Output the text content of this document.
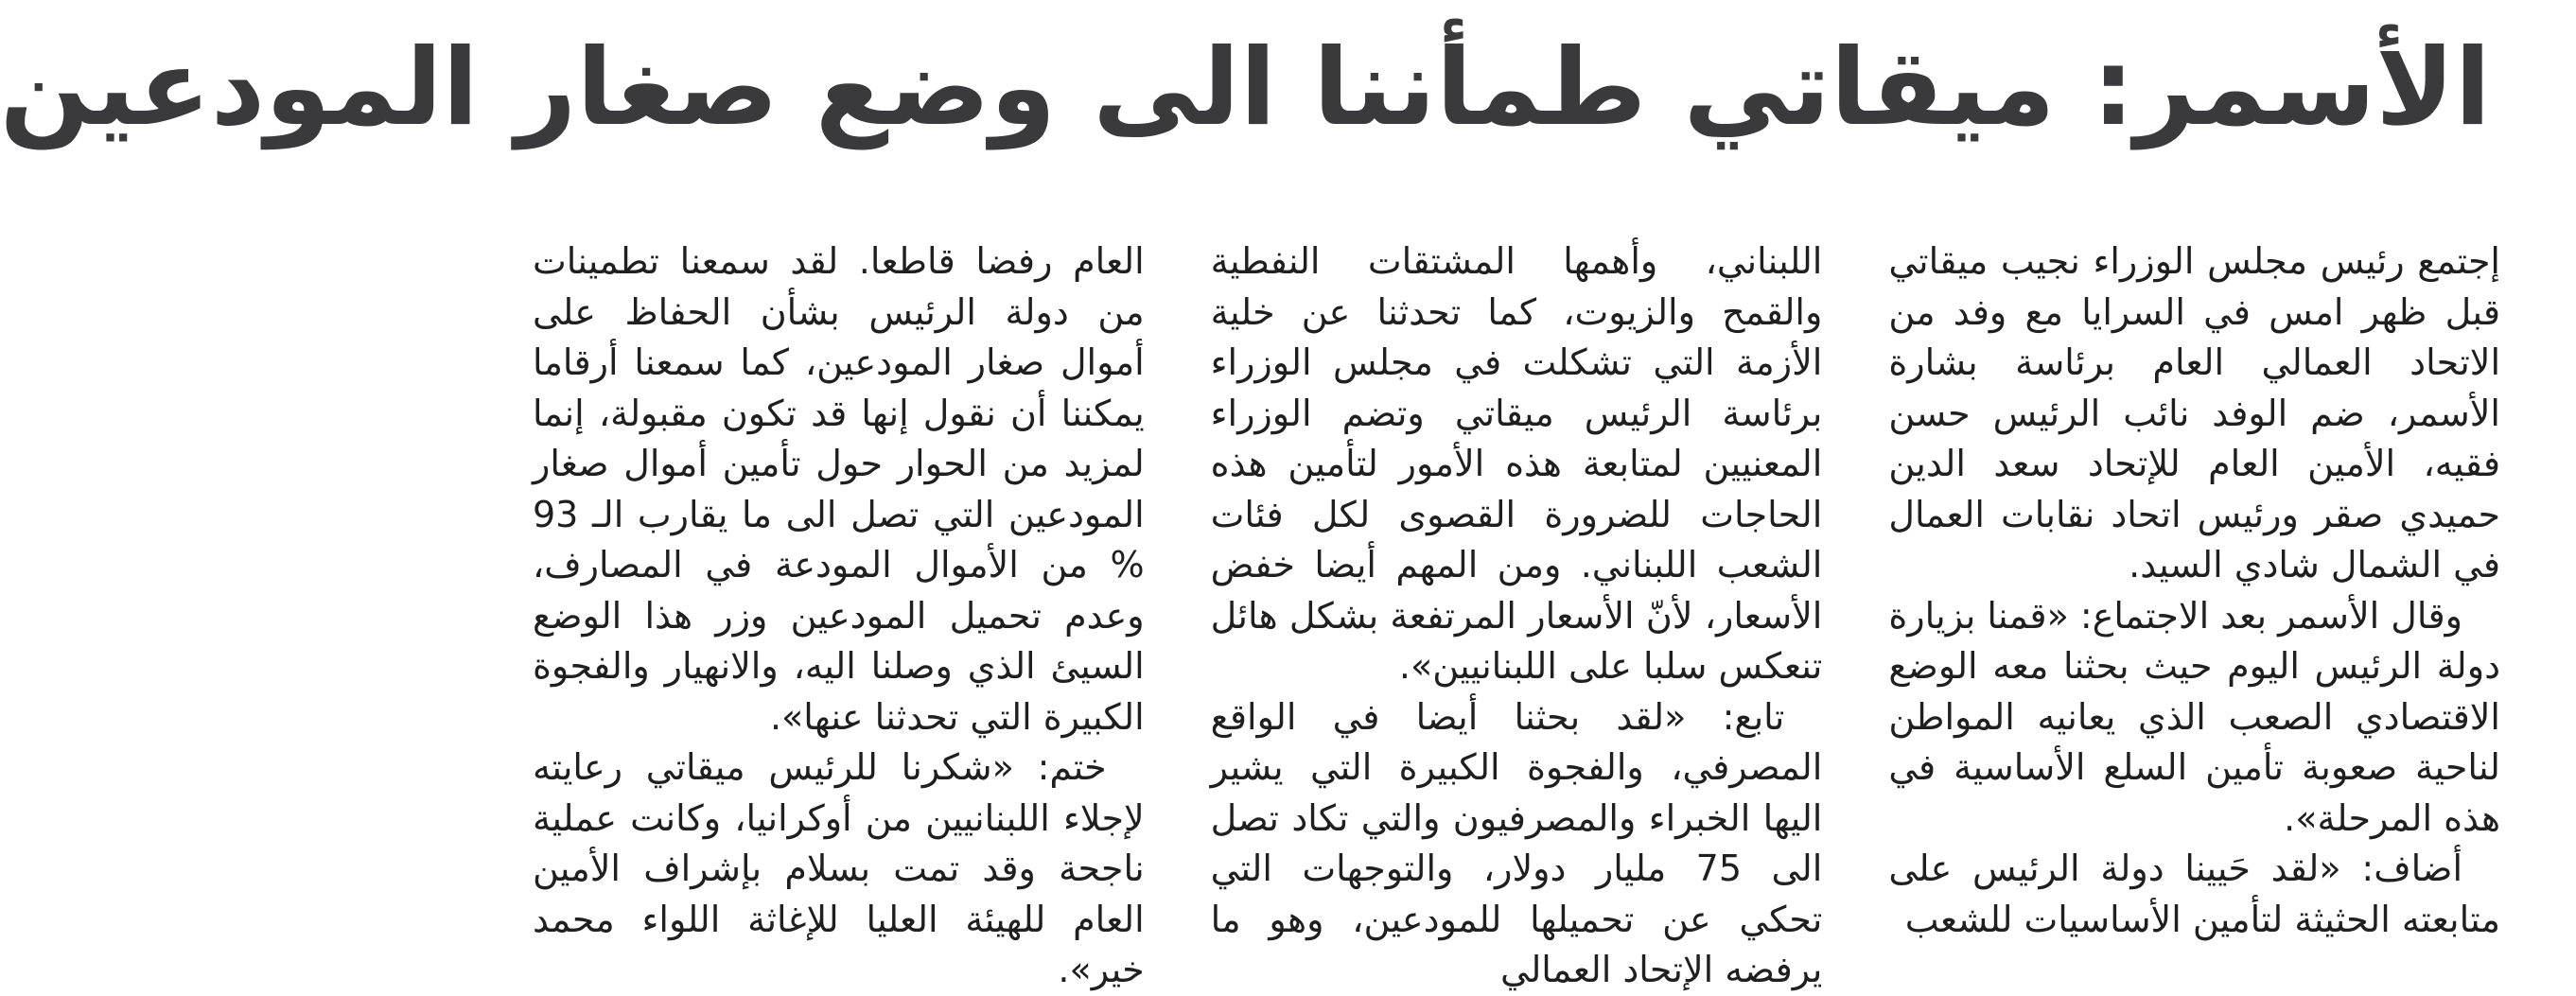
الأسمر: ميقاتي طمأننا الى وضع صغار المودعين

إجتمع رئيس مجلس الوزراء نجيب ميقاتي قبل ظهر امس في السرايا مع وفد من الاتحاد العمالي العام برئاسة بشارة الأسمر، ضم الوفد نائب الرئيس حسن فقيه، الأمين العام للإتحاد سعد الدين حميدي صقر ورئيس اتحاد نقابات العمال في الشمال شادي السيد.

وقال الأسمر بعد الاجتماع: «قمنا بزيارة دولة الرئيس اليوم حيث بحثنا معه الوضع الاقتصادي الصعب الذي يعانيه المواطن لناحية صعوبة تأمين السلع الأساسية في هذه المرحلة».

أضاف: «لقد حَيينا دولة الرئيس على متابعته الحثيثة لتأمين الأساسيات للشعب

اللبناني، وأهمها المشتقات النفطية والقمح والزيوت، كما تحدثنا عن خلية الأزمة التي تشكلت في مجلس الوزراء برئاسة الرئيس ميقاتي وتضم الوزراء المعنيين لمتابعة هذه الأمور لتأمين هذه الحاجات للضرورة القصوى لكل فئات الشعب اللبناني. ومن المهم أيضا خفض الأسعار، لأنّ الأسعار المرتفعة بشكل هائل تنعكس سلبا على اللبنانيين».

تابع: «لقد بحثنا أيضا في الواقع المصرفي، والفجوة الكبيرة التي يشير اليها الخبراء والمصرفيون والتي تكاد تصل الى 75 مليار دولار، والتوجهات التي تحكي عن تحميلها للمودعين، وهو ما يرفضه الإتحاد العمالي

العام رفضا قاطعا. لقد سمعنا تطمينات من دولة الرئيس بشأن الحفاظ على أموال صغار المودعين، كما سمعنا أرقاما يمكننا أن نقول إنها قد تكون مقبولة، إنما لمزيد من الحوار حول تأمين أموال صغار المودعين التي تصل الى ما يقارب الـ 93 % من الأموال المودعة في المصارف، وعدم تحميل المودعين وزر هذا الوضع السيئ الذي وصلنا اليه، والانهيار والفجوة الكبيرة التي تحدثنا عنها».

ختم: «شكرنا للرئيس ميقاتي رعايته لإجلاء اللبنانيين من أوكرانيا، وكانت عملية ناجحة وقد تمت بسلام بإشراف الأمين العام للهيئة العليا للإغاثة اللواء محمد خير».
